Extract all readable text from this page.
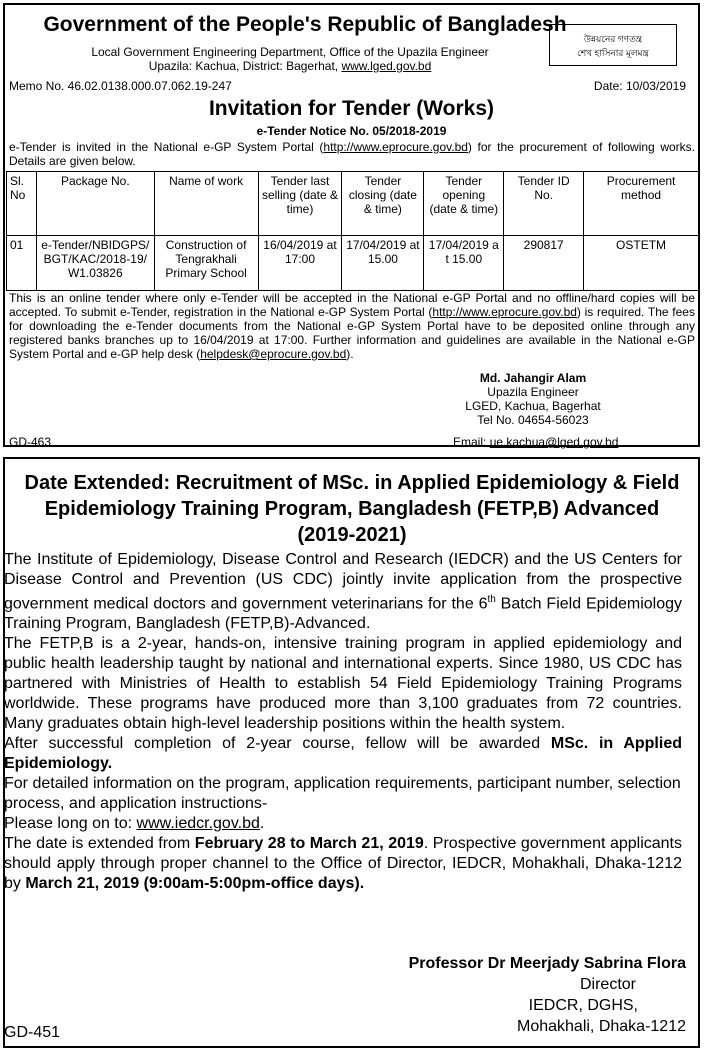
Government of the People's Republic of Bangladesh
Local Government Engineering Department, Office of the Upazila Engineer
Upazila: Kachua, District: Bagerhat, www.lged.gov.bd
উন্নয়নের গণতন্ত্র
শেখ হাসিনার মূলমন্ত্র
Memo No. 46.02.0138.000.07.062.19-247	Date: 10/03/2019
Invitation for Tender (Works)
e-Tender Notice No. 05/2018-2019
e-Tender is invited in the National e-GP System Portal (http://www.eprocure.gov.bd) for the procurement of following works. Details are given below.
Sl. No	Package No.	Name of work	Tender last selling (date & time)	Tender closing (date & time)	Tender opening (date & time)	Tender ID No.	Procurement method
01	e-Tender/NBIDGPS/ BGT/KAC/2018-19/W1.03826	Construction of Tengrakhali Primary School	16/04/2019 at 17:00	17/04/2019 at 15.00	17/04/2019 at 15.00	290817	OSTETM
This is an online tender where only e-Tender will be accepted in the National e-GP Portal and no offline/hard copies will be accepted. To submit e-Tender, registration in the National e-GP System Portal (http://www.eprocure.gov.bd) is required. The fees for downloading the e-Tender documents from the National e-GP System Portal have to be deposited online through any registered banks branches up to 16/04/2019 at 17:00. Further information and guidelines are available in the National e-GP System Portal and e-GP help desk (helpdesk@eprocure.gov.bd).
Md. Jahangir Alam
Upazila Engineer
LGED, Kachua, Bagerhat
Tel No. 04654-56023
GD-463	Email: ue.kachua@lged.gov.bd
Date Extended: Recruitment of MSc. in Applied Epidemiology & Field Epidemiology Training Program, Bangladesh (FETP,B) Advanced (2019-2021)

The Institute of Epidemiology, Disease Control and Research (IEDCR) and the US Centers for Disease Control and Prevention (US CDC) jointly invite application from the prospective government medical doctors and government veterinarians for the 6th Batch Field Epidemiology Training Program, Bangladesh (FETP,B)-Advanced.

The FETP,B is a 2-year, hands-on, intensive training program in applied epidemiology and public health leadership taught by national and international experts. Since 1980, US CDC has partnered with Ministries of Health to establish 54 Field Epidemiology Training Programs worldwide. These programs have produced more than 3,100 graduates from 72 countries. Many graduates obtain high-level leadership positions within the health system.

After successful completion of 2-year course, fellow will be awarded MSc. in Applied Epidemiology.

For detailed information on the program, application requirements, participant number, selection process, and application instructions-

Please long on to: www.iedcr.gov.bd.

The date is extended from February 28 to March 21, 2019. Prospective government applicants should apply through proper channel to the Office of Director, IEDCR, Mohakhali, Dhaka-1212 by March 21, 2019 (9:00am-5:00pm-office days).

Professor Dr Meerjady Sabrina Flora
Director
IEDCR, DGHS,
Mohakhali, Dhaka-1212
GD-451
